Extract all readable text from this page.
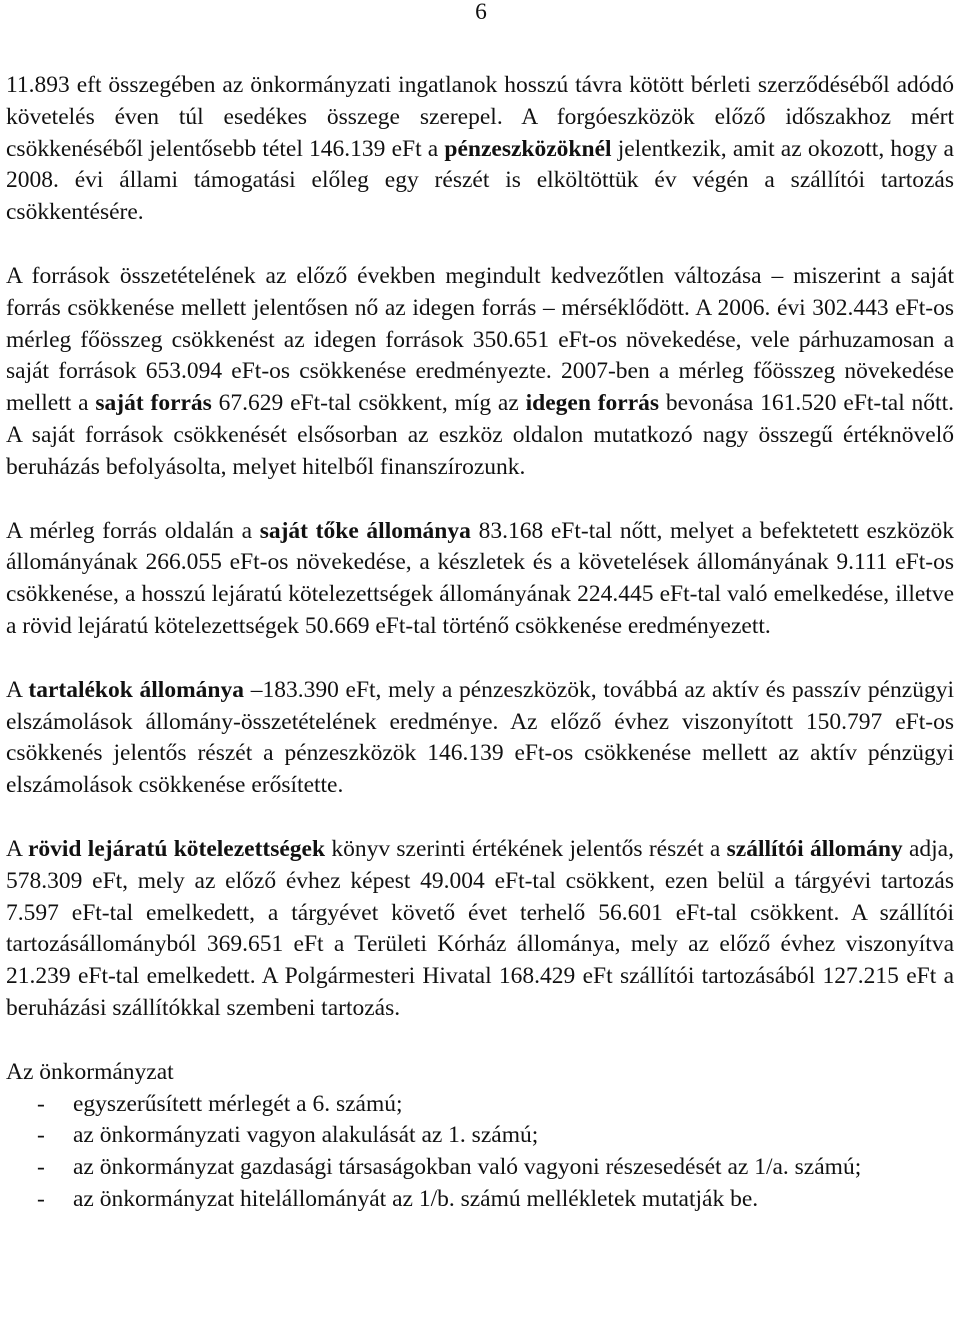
6

11.893 eft összegében az önkormányzati ingatlanok hosszú távra kötött bérleti szerződéséből adódó követelés éven túl esedékes összege szerepel. A forgóeszközök előző időszakhoz mért csökkenéséből jelentősebb tétel 146.139 eFt a pénzeszközöknél jelentkezik, amit az okozott, hogy a 2008. évi állami támogatási előleg egy részét is elköltöttük év végén a szállítói tartozás csökkentésére.

A források összetételének az előző években megindult kedvezőtlen változása – miszerint a saját forrás csökkenése mellett jelentősen nő az idegen forrás – mérséklődött. A 2006. évi 302.443 eFt-os mérleg főösszeg csökkenést az idegen források 350.651 eFt-os növekedése, vele párhuzamosan a saját források 653.094 eFt-os csökkenése eredményezte. 2007-ben a mérleg főösszeg növekedése mellett a saját forrás 67.629 eFt-tal csökkent, míg az idegen forrás bevonása 161.520 eFt-tal nőtt. A saját források csökkenését elsősorban az eszköz oldalon mutatkozó nagy összegű értéknövelő beruházás befolyásolta, melyet hitelből finanszírozunk.

A mérleg forrás oldalán a saját tőke állománya 83.168 eFt-tal nőtt, melyet a befektetett eszközök állományának 266.055 eFt-os növekedése, a készletek és a követelések állományának 9.111 eFt-os csökkenése, a hosszú lejáratú kötelezettségek állományának 224.445 eFt-tal való emelkedése, illetve a rövid lejáratú kötelezettségek 50.669 eFt-tal történő csökkenése eredményezett.

A tartalékok állománya –183.390 eFt, mely a pénzeszközök, továbbá az aktív és passzív pénzügyi elszámolások állomány-összetételének eredménye. Az előző évhez viszonyított 150.797 eFt-os csökkenés jelentős részét a pénzeszközök 146.139 eFt-os csökkenése mellett az aktív pénzügyi elszámolások csökkenése erősítette.

A rövid lejáratú kötelezettségek könyv szerinti értékének jelentős részét a szállítói állomány adja, 578.309 eFt, mely az előző évhez képest 49.004 eFt-tal csökkent, ezen belül a tárgyévi tartozás 7.597 eFt-tal emelkedett, a tárgyévet követő évet terhelő 56.601 eFt-tal csökkent. A szállítói tartozásállományból 369.651 eFt a Területi Kórház állománya, mely az előző évhez viszonyítva 21.239 eFt-tal emelkedett. A Polgármesteri Hivatal 168.429 eFt szállítói tartozásából 127.215 eFt a beruházási szállítókkal szembeni tartozás.

Az önkormányzat

- egyszerűsített mérlegét a 6. számú;
- az önkormányzati vagyon alakulását az 1. számú;
- az önkormányzat gazdasági társaságokban való vagyoni részesedését az 1/a. számú;
- az önkormányzat hitelállományát az 1/b. számú mellékletek mutatják be.
